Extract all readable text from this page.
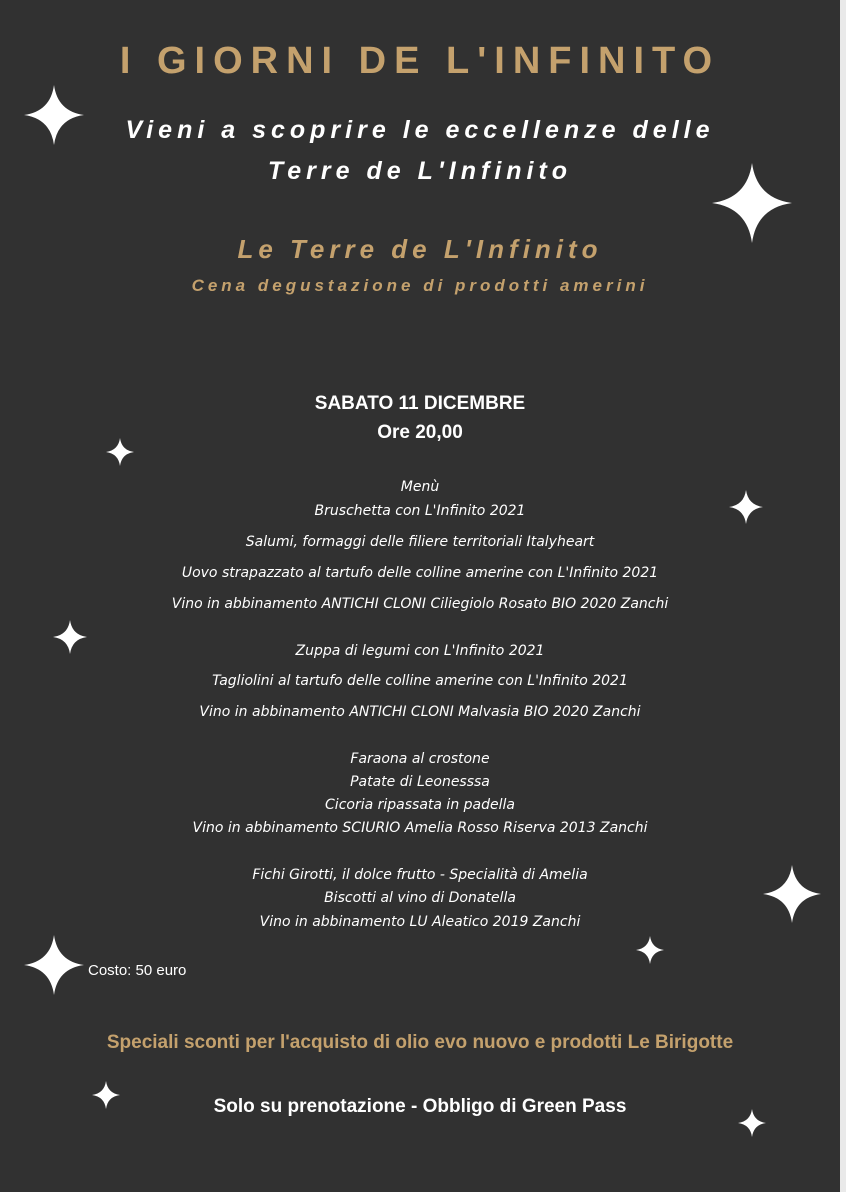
I GIORNI DE L'INFINITO
Vieni a scoprire le eccellenze delle
Terre de L'Infinito
Le Terre de L'Infinito
Cena degustazione di prodotti amerini
SABATO 11 DICEMBRE
Ore 20,00
Menù
Bruschetta con L'Infinito 2021
Salumi, formaggi delle filiere territoriali Italyheart
Uovo strapazzato al tartufo delle colline amerine con L'Infinito 2021
Vino in abbinamento ANTICHI CLONI Ciliegiolo Rosato BIO 2020 Zanchi
Zuppa di legumi con L'Infinito 2021
Tagliolini al tartufo delle colline amerine con L'Infinito 2021
Vino in abbinamento ANTICHI CLONI Malvasia BIO 2020 Zanchi
Faraona al crostone
Patate di Leonesssa
Cicoria ripassata in padella
Vino in abbinamento SCIURIO Amelia Rosso Riserva 2013 Zanchi
Fichi Girotti, il dolce frutto - Specialità di Amelia
Biscotti al vino di Donatella
Vino in abbinamento LU Aleatico 2019 Zanchi
Costo: 50 euro
Speciali sconti per l'acquisto di olio evo nuovo e prodotti Le Birigotte
Solo su prenotazione - Obbligo di Green Pass
